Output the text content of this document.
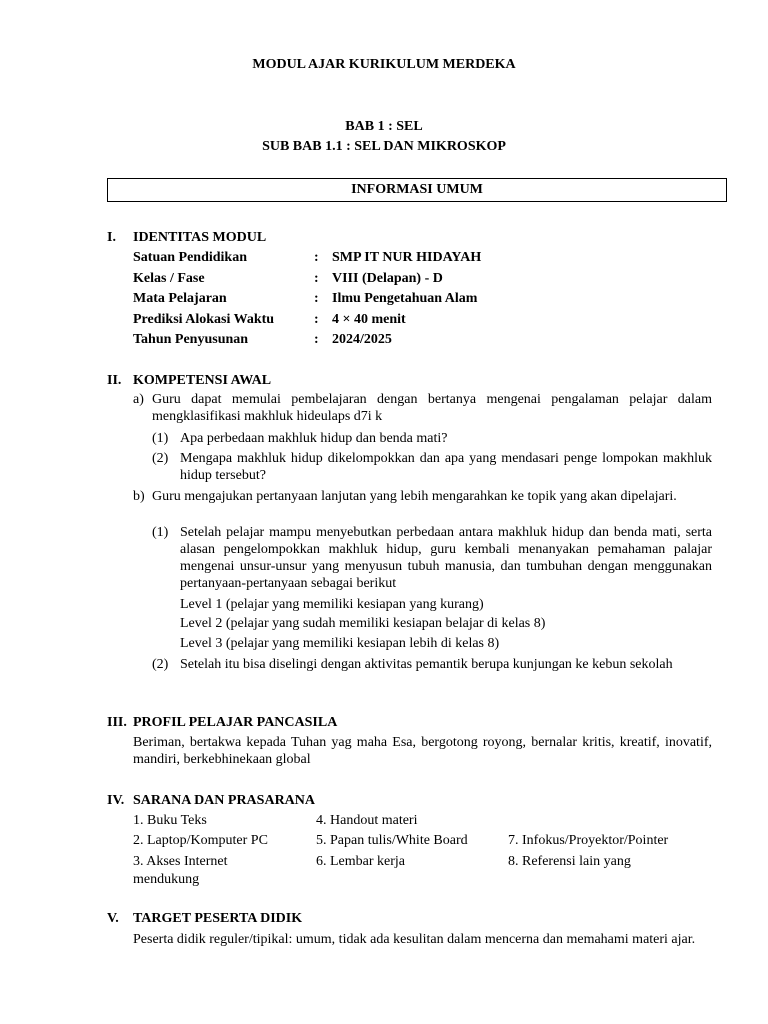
MODUL AJAR KURIKULUM MERDEKA
BAB 1 : SEL
SUB BAB 1.1 : SEL DAN MIKROSKOP
INFORMASI UMUM
I. IDENTITAS MODUL
Satuan Pendidikan	: SMP IT NUR HIDAYAH
Kelas / Fase	: VIII (Delapan) - D
Mata Pelajaran	: Ilmu Pengetahuan Alam
Prediksi Alokasi Waktu	: 4 × 40 menit
Tahun Penyusunan	: 2024/2025
II. KOMPETENSI AWAL
a) Guru dapat memulai pembelajaran dengan bertanya mengenai pengalaman pelajar dalam mengklasifikasi makhluk hideulaps d7i k
(1) Apa perbedaan makhluk hidup dan benda mati?
(2) Mengapa makhluk hidup dikelompokkan dan apa yang mendasari penge lompokan makhluk hidup tersebut?
b) Guru mengajukan pertanyaan lanjutan yang lebih mengarahkan ke topik yang akan dipelajari.
(1) Setelah pelajar mampu menyebutkan perbedaan antara makhluk hidup dan benda mati, serta alasan pengelompokkan makhluk hidup, guru kembali menanyakan pemahaman palajar mengenai unsur-unsur yang menyusun tubuh manusia, dan tumbuhan dengan menggunakan pertanyaan-pertanyaan sebagai berikut
Level 1 (pelajar yang memiliki kesiapan yang kurang)
Level 2 (pelajar yang sudah memiliki kesiapan belajar di kelas 8)
Level 3 (pelajar yang memiliki kesiapan lebih di kelas 8)
(2) Setelah itu bisa diselingi dengan aktivitas pemantik berupa kunjungan ke kebun sekolah
III. PROFIL PELAJAR PANCASILA
Beriman, bertakwa kepada Tuhan yag maha Esa, bergotong royong, bernalar kritis, kreatif, inovatif, mandiri, berkebhinekaan global
IV. SARANA DAN PRASARANA
1. Buku Teks	4. Handout materi
2. Laptop/Komputer PC	5. Papan tulis/White Board	7. Infokus/Proyektor/Pointer
3. Akses Internet	6. Lembar kerja	8. Referensi lain yang
mendukung
V. TARGET PESERTA DIDIK
Peserta didik reguler/tipikal: umum, tidak ada kesulitan dalam mencerna dan memahami materi ajar.
